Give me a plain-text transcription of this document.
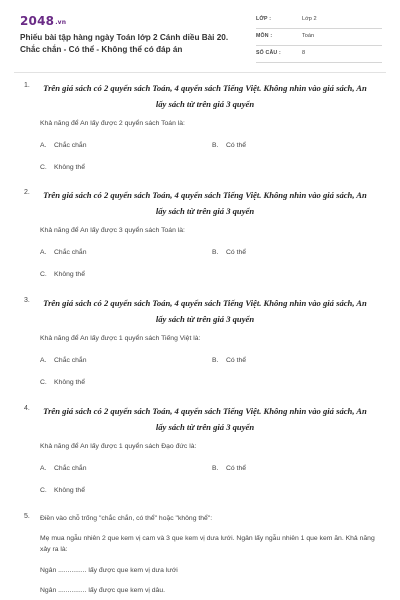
2048.vn
Phiếu bài tập hàng ngày Toán lớp 2 Cánh diều Bài 20. Chắc chắn - Có thể - Không thể có đáp án
LỚP :	Lớp 2
MÔN :	Toán
SỐ CÂU :	8
1.	Trên giá sách có 2 quyển sách Toán, 4 quyển sách Tiếng Việt. Không nhìn vào giá sách, An lấy sách từ trên giá 3 quyển
Khả năng để An lấy được 2 quyển sách Toán là:
A. Chắc chắn	B. Có thể
C. Không thể
2.	Trên giá sách có 2 quyển sách Toán, 4 quyển sách Tiếng Việt. Không nhìn vào giá sách, An lấy sách từ trên giá 3 quyển
Khả năng để An lấy được 3 quyển sách Toán là:
A. Chắc chắn	B. Có thể
C. Không thể
3.	Trên giá sách có 2 quyển sách Toán, 4 quyển sách Tiếng Việt. Không nhìn vào giá sách, An lấy sách từ trên giá 3 quyển
Khả năng để An lấy được 1 quyển sách Tiếng Việt là:
A. Chắc chắn	B. Có thể
C. Không thể
4.	Trên giá sách có 2 quyển sách Toán, 4 quyển sách Tiếng Việt. Không nhìn vào giá sách, An lấy sách từ trên giá 3 quyển
Khả năng để An lấy được 1 quyển sách Đạo đức là:
A. Chắc chắn	B. Có thể
C. Không thể
5. Điền vào chỗ trống "chắc chắn, có thể" hoặc "không thể":
Mẹ mua ngẫu nhiên 2 que kem vị cam và 3 que kem vị dưa lưới. Ngân lấy ngẫu nhiên 1 que kem ăn. Khả năng xảy ra là:
Ngân ............... lấy được que kem vị dưa lưới
Ngân ............... lấy được que kem vị dâu.
